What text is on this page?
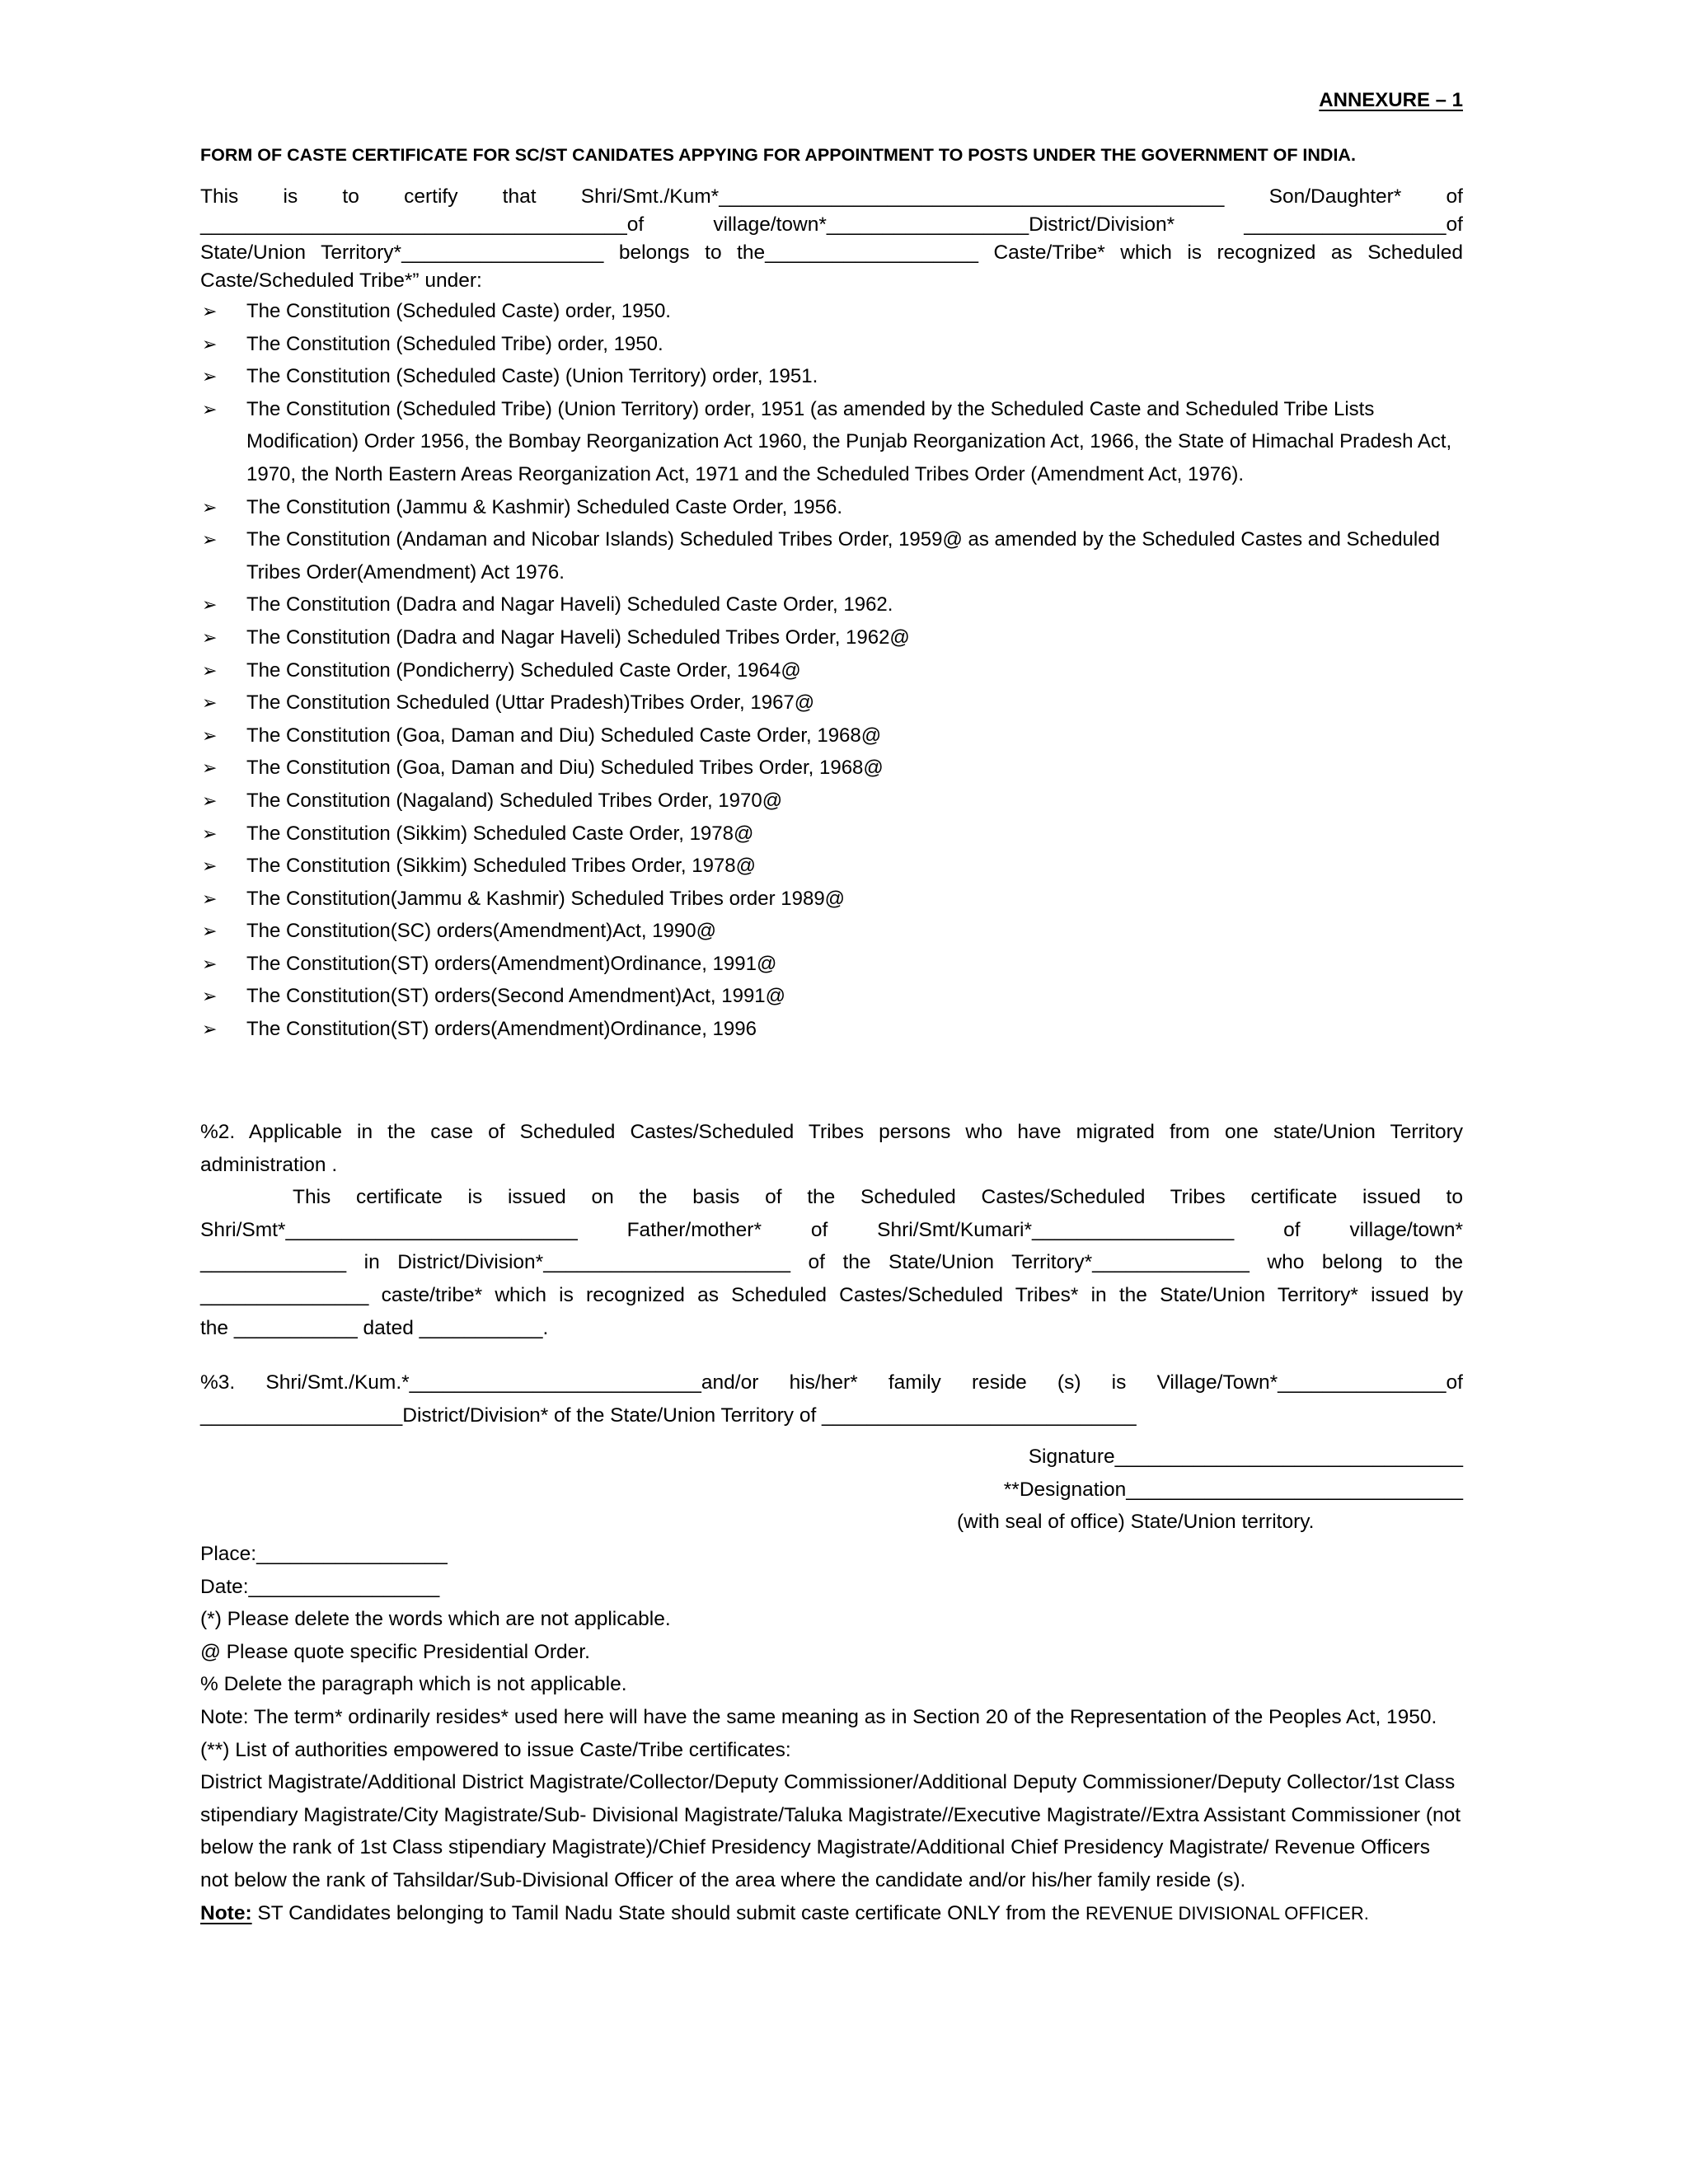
ANNEXURE – 1
FORM OF CASTE CERTIFICATE FOR SC/ST CANIDATES APPYING FOR APPOINTMENT TO POSTS UNDER THE GOVERNMENT OF INDIA.

This is to certify that Shri/Smt./Kum*_____________________________________________ Son/Daughter* of

______________________________________of village/town*__________________District/Division* __________________of

State/Union Territory*__________________ belongs to the___________________ Caste/Tribe* which is recognized as Scheduled

Caste/Scheduled Tribe*” under:

➢ The Constitution (Scheduled Caste) order, 1950.
➢ The Constitution (Scheduled Tribe) order, 1950.
➢ The Constitution (Scheduled Caste) (Union Territory) order, 1951.
➢ The Constitution (Scheduled Tribe) (Union Territory) order, 1951 (as amended by the Scheduled Caste and Scheduled Tribe Lists Modification) Order 1956, the Bombay Reorganization Act 1960, the Punjab Reorganization Act, 1966, the State of Himachal Pradesh Act, 1970, the North Eastern Areas Reorganization Act, 1971 and the Scheduled Tribes Order (Amendment Act, 1976).
➢ The Constitution (Jammu & Kashmir) Scheduled Caste Order, 1956.
➢ The Constitution (Andaman and Nicobar Islands) Scheduled Tribes Order, 1959@ as amended by the Scheduled Castes and Scheduled Tribes Order(Amendment) Act 1976.
➢ The Constitution (Dadra and Nagar Haveli) Scheduled Caste Order, 1962.
➢ The Constitution (Dadra and Nagar Haveli) Scheduled Tribes Order, 1962@
➢ The Constitution (Pondicherry) Scheduled Caste Order, 1964@
➢ The Constitution Scheduled (Uttar Pradesh)Tribes Order, 1967@
➢ The Constitution (Goa, Daman and Diu) Scheduled Caste Order, 1968@
➢ The Constitution (Goa, Daman and Diu) Scheduled Tribes Order, 1968@
➢ The Constitution (Nagaland) Scheduled Tribes Order, 1970@
➢ The Constitution (Sikkim) Scheduled Caste Order, 1978@
➢ The Constitution (Sikkim) Scheduled Tribes Order, 1978@
➢ The Constitution(Jammu & Kashmir) Scheduled Tribes order 1989@
➢ The Constitution(SC) orders(Amendment)Act, 1990@
➢ The Constitution(ST) orders(Amendment)Ordinance, 1991@
➢ The Constitution(ST) orders(Second Amendment)Act, 1991@
➢ The Constitution(ST) orders(Amendment)Ordinance, 1996

%2. Applicable in the case of Scheduled Castes/Scheduled Tribes persons who have migrated from one state/Union Territory

administration .

This certificate is issued on the basis of the Scheduled Castes/Scheduled Tribes certificate issued to

Shri/Smt*__________________________ Father/mother* of Shri/Smt/Kumari*__________________ of village/town*

_____________ in District/Division*______________________ of the State/Union Territory*______________ who belong to the

_______________ caste/tribe* which is recognized as Scheduled Castes/Scheduled Tribes* in the State/Union Territory* issued by

the ___________ dated ___________.

%3. Shri/Smt./Kum.*__________________________and/or his/her* family reside (s) is Village/Town*_______________of

__________________District/Division* of the State/Union Territory of ____________________________

Signature_______________________________
**Designation______________________________
(with seal of office) State/Union territory.

Place:_________________

Date:_________________

(*) Please delete the words which are not applicable.

@ Please quote specific Presidential Order.

% Delete the paragraph which is not applicable.

Note: The term* ordinarily resides* used here will have the same meaning as in Section 20 of the Representation of the Peoples Act, 1950.

(**) List of authorities empowered to issue Caste/Tribe certificates:

District Magistrate/Additional District Magistrate/Collector/Deputy Commissioner/Additional Deputy Commissioner/Deputy Collector/1st Class stipendiary Magistrate/City Magistrate/Sub- Divisional Magistrate/Taluka Magistrate//Executive Magistrate//Extra Assistant Commissioner (not below the rank of 1st Class stipendiary Magistrate)/Chief Presidency Magistrate/Additional Chief Presidency Magistrate/ Revenue Officers not below the rank of Tahsildar/Sub-Divisional Officer of the area where the candidate and/or his/her family reside (s).

Note: ST Candidates belonging to Tamil Nadu State should submit caste certificate ONLY from the REVENUE DIVISIONAL OFFICER.
